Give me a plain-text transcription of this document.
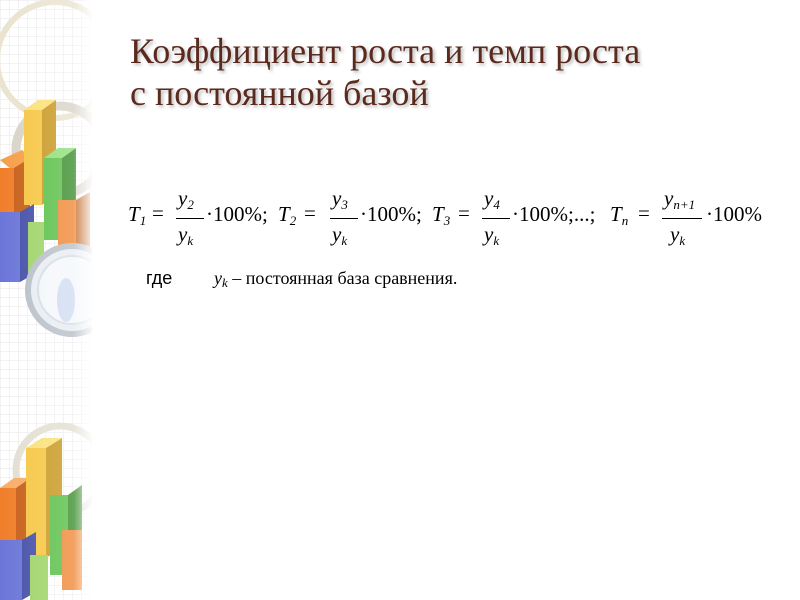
Коэффициент роста и темп роста
с постоянной базой
$T_1$ =
$y_2$
$y_k$
·100%; $T_2$ =
$y_3$
$y_k$
·100%; $T_3$ =
$y_4$
$y_k$
·100%;...; $T_n$ =
$y_{n+1}$
$y_k$
·100%
где $y_k$ – постоянная база сравнения.
